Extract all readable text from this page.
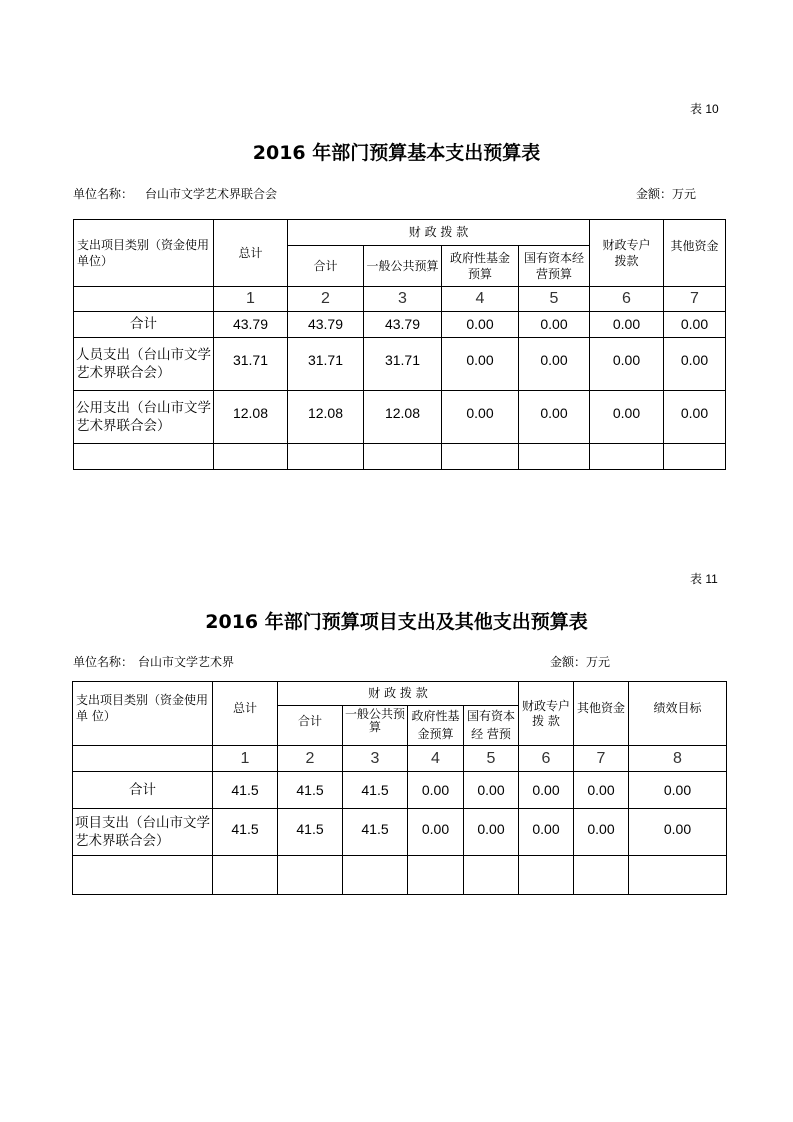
表 10
2016 年部门预算基本支出预算表
单位名称： 台山市文学艺术界联合会	金额：万元
支出项目类别（资金使用单位）
总计
财 政 拨 款
合计	一般公共预算
政府性基金预算
国有资本经营预算
财政专户拨款
其他资金
1	2	3	4	5	6	7
合计	43.79	43.79	43.79	0.00	0.00	0.00	0.00
人员支出（台山市文学艺术界联合会）
31.71	31.71	31.71	0.00	0.00	0.00	0.00
公用支出（台山市文学艺术界联合会）
12.08	12.08	12.08	0.00	0.00	0.00	0.00
表 11
2016 年部门预算项目支出及其他支出预算表
单位名称： 台山市文学艺术界	金额：万元
支出项目类别（资金使用 单 位）
总计
财 政 拨 款
合计
一般公共预算
政府性基金预算
国有资本经 营预
财政专户拨 款
其他资金	绩效目标
1	2	3	4	5	6	7	8
合计	41.5	41.5	41.5	0.00	0.00	0.00	0.00	0.00
项目支出（台山市文学艺术界联合会）
41.5	41.5	41.5	0.00	0.00	0.00	0.00	0.00
